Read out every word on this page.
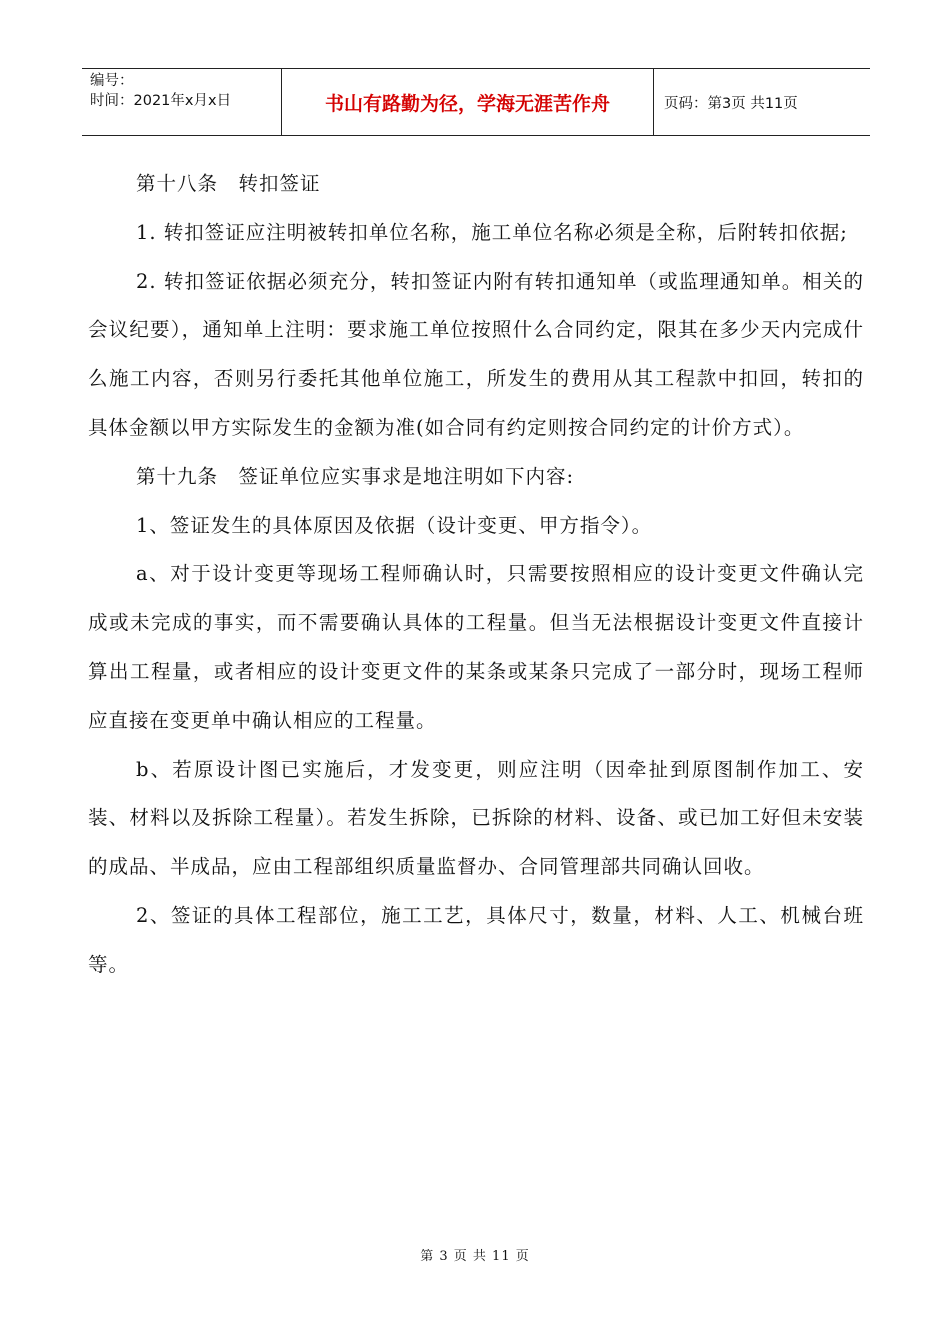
编号：
时间：2021年x月x日	书山有路勤为径，学海无涯苦作舟	页码：第3页 共11页

第十八条　转扣签证

1. 转扣签证应注明被转扣单位名称，施工单位名称必须是全称，后附转扣依据;

2. 转扣签证依据必须充分，转扣签证内附有转扣通知单（或监理通知单。相关的会议纪要），通知单上注明：要求施工单位按照什么合同约定，限其在多少天内完成什么施工内容，否则另行委托其他单位施工，所发生的费用从其工程款中扣回，转扣的具体金额以甲方实际发生的金额为准(如合同有约定则按合同约定的计价方式）。

第十九条　签证单位应实事求是地注明如下内容:

1、签证发生的具体原因及依据（设计变更、甲方指令）。

a、对于设计变更等现场工程师确认时，只需要按照相应的设计变更文件确认完成或未完成的事实，而不需要确认具体的工程量。但当无法根据设计变更文件直接计算出工程量，或者相应的设计变更文件的某条或某条只完成了一部分时，现场工程师应直接在变更单中确认相应的工程量。

b、若原设计图已实施后，才发变更，则应注明（因牵扯到原图制作加工、安装、材料以及拆除工程量）。若发生拆除，已拆除的材料、设备、或已加工好但未安装的成品、半成品，应由工程部组织质量监督办、合同管理部共同确认回收。

2、签证的具体工程部位，施工工艺，具体尺寸，数量，材料、人工、机械台班等。

第 3 页 共 11 页
